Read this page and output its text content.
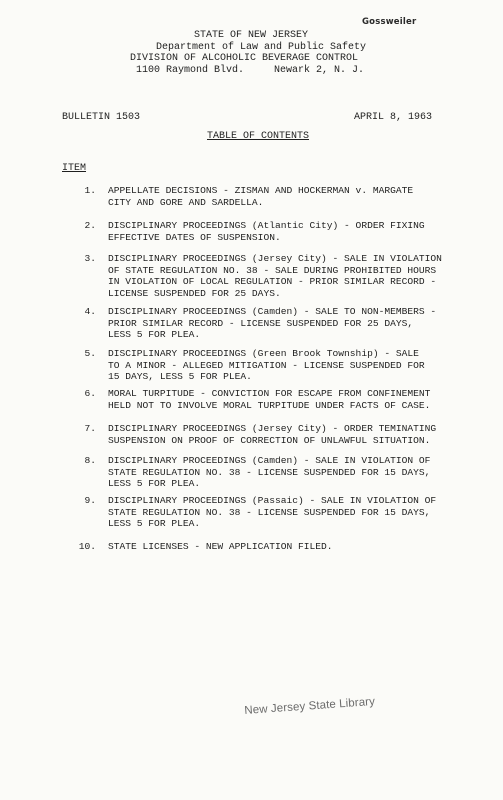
Gossweiler
STATE OF NEW JERSEY
Department of Law and Public Safety
DIVISION OF ALCOHOLIC BEVERAGE CONTROL
1100 Raymond Blvd.     Newark 2, N. J.
BULLETIN 1503	APRIL 8, 1963
TABLE OF CONTENTS
ITEM
1. APPELLATE DECISIONS - ZISMAN AND HOCKERMAN v. MARGATE
CITY AND GORE AND SARDELLA.
2. DISCIPLINARY PROCEEDINGS (Atlantic City) - ORDER FIXING
EFFECTIVE DATES OF SUSPENSION.
3. DISCIPLINARY PROCEEDINGS (Jersey City) - SALE IN VIOLATION
OF STATE REGULATION NO. 38 - SALE DURING PROHIBITED HOURS
IN VIOLATION OF LOCAL REGULATION - PRIOR SIMILAR RECORD -
LICENSE SUSPENDED FOR 25 DAYS.
4. DISCIPLINARY PROCEEDINGS (Camden) - SALE TO NON-MEMBERS -
PRIOR SIMILAR RECORD - LICENSE SUSPENDED FOR 25 DAYS,
LESS 5 FOR PLEA.
5. DISCIPLINARY PROCEEDINGS (Green Brook Township) - SALE
TO A MINOR - ALLEGED MITIGATION - LICENSE SUSPENDED FOR
15 DAYS, LESS 5 FOR PLEA.
6. MORAL TURPITUDE - CONVICTION FOR ESCAPE FROM CONFINEMENT
HELD NOT TO INVOLVE MORAL TURPITUDE UNDER FACTS OF CASE.
7. DISCIPLINARY PROCEEDINGS (Jersey City) - ORDER TEMINATING
SUSPENSION ON PROOF OF CORRECTION OF UNLAWFUL SITUATION.
8. DISCIPLINARY PROCEEDINGS (Camden) - SALE IN VIOLATION OF
STATE REGULATION NO. 38 - LICENSE SUSPENDED FOR 15 DAYS,
LESS 5 FOR PLEA.
9. DISCIPLINARY PROCEEDINGS (Passaic) - SALE IN VIOLATION OF
STATE REGULATION NO. 38 - LICENSE SUSPENDED FOR 15 DAYS,
LESS 5 FOR PLEA.
10. STATE LICENSES - NEW APPLICATION FILED.
New Jersey State Library
